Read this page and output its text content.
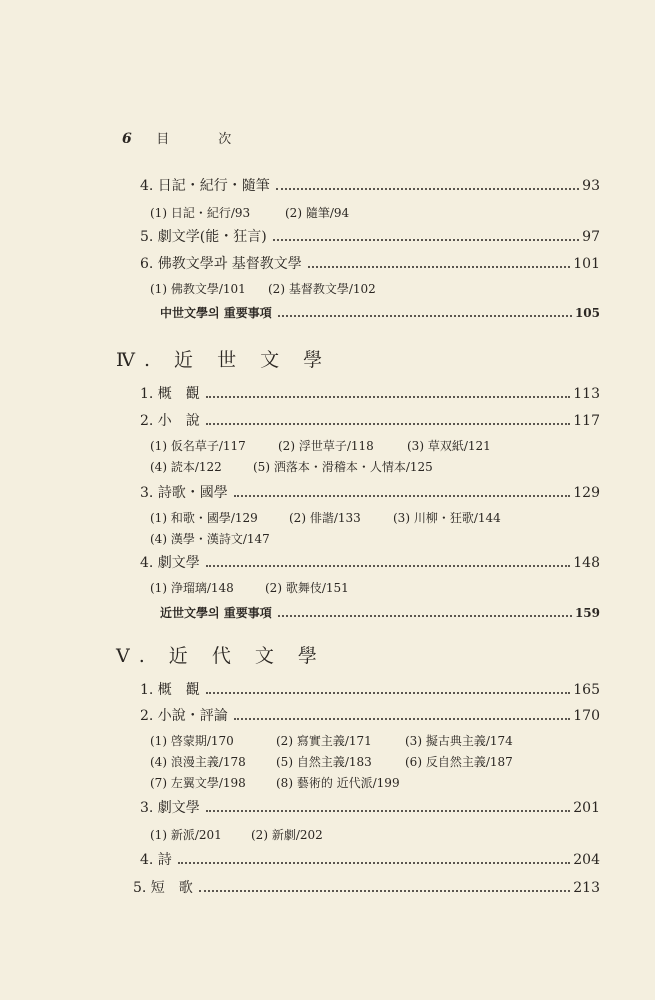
6 目　次
4. 日記・紀行・隨筆	93
(1) 日記・紀行/93	(2) 隨筆/94
5. 劇文学(能・狂言)	97
6. 佛教文學과 基督教文學	101
(1) 佛教文學/101 (2) 基督教文學/102
中世文學의 重要事項	105
Ⅳ. 近 世 文 學
1. 概　觀	113
2. 小　說	117
(1) 仮名草子/117	(2) 浮世草子/118	(3) 草双紙/121
(4) 読本/122	(5) 洒落本・滑稽本・人情本/125
3. 詩歌・國學	129
(1) 和歌・國學/129	(2) 俳諧/133	(3) 川柳・狂歌/144
(4) 漢學・漢詩文/147
4. 劇文學	148
(1) 浄瑠璃/148	(2) 歌舞伎/151
近世文學의 重要事項	159
Ⅴ. 近 代 文 學
1. 概　觀	165
2. 小說・評論	170
(1) 啓蒙期/170	(2) 寫實主義/171	(3) 擬古典主義/174
(4) 浪漫主義/178	(5) 自然主義/183	(6) 反自然主義/187
(7) 左翼文學/198	(8) 藝術的 近代派/199
3. 劇文學	201
(1) 新派/201 (2) 新劇/202
4. 詩	204
5. 短　歌	213
